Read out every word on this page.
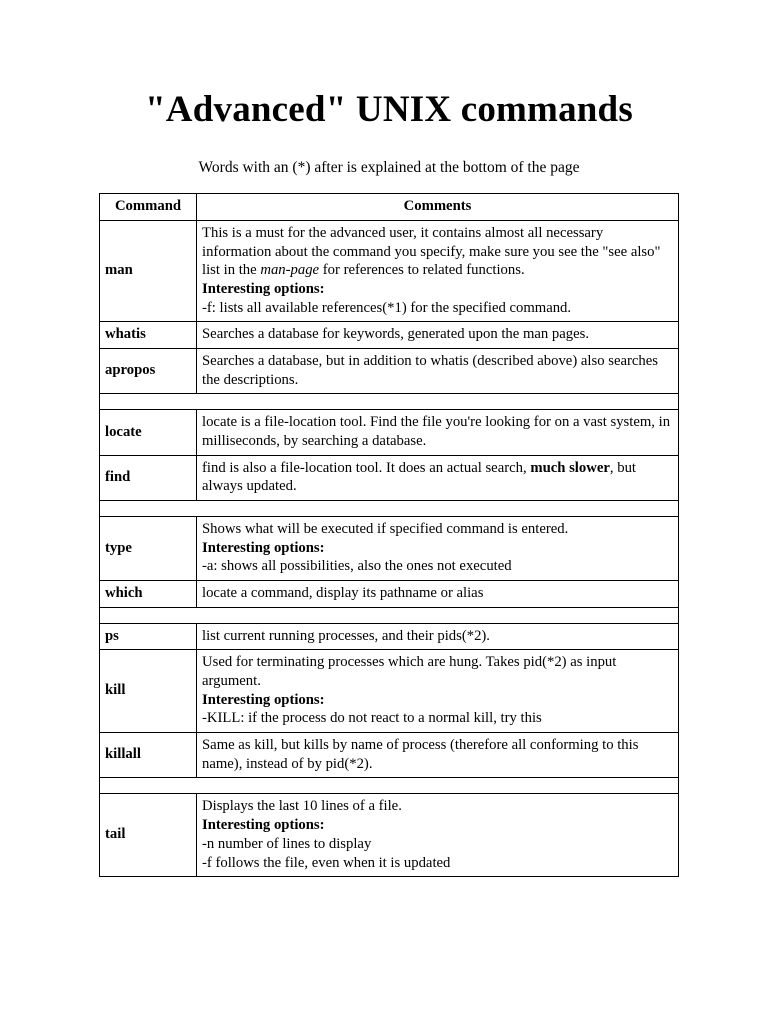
"Advanced" UNIX commands

Words with an (*) after is explained at the bottom of the page

Command	Comments
man	This is a must for the advanced user, it contains almost all necessary information about the command you specify, make sure you see the "see also" list in the man-page for references to related functions.
Interesting options:
-f: lists all available references(*1) for the specified command.

whatis	Searches a database for keywords, generated upon the man pages.

apropos	Searches a database, but in addition to whatis (described above) also searches the descriptions.

locate	locate is a file-location tool. Find the file you're looking for on a vast system, in milliseconds, by searching a database.

find	find is also a file-location tool. It does an actual search, much slower, but always updated.

type	Shows what will be executed if specified command is entered.
Interesting options:
-a: shows all possibilities, also the ones not executed

which	locate a command, display its pathname or alias

ps	list current running processes, and their pids(*2).

kill	Used for terminating processes which are hung. Takes pid(*2) as input argument.
Interesting options:
-KILL: if the process do not react to a normal kill, try this

killall	Same as kill, but kills by name of process (therefore all conforming to this name), instead of by pid(*2).

tail	Displays the last 10 lines of a file.
Interesting options:
-n number of lines to display
-f follows the file, even when it is updated
